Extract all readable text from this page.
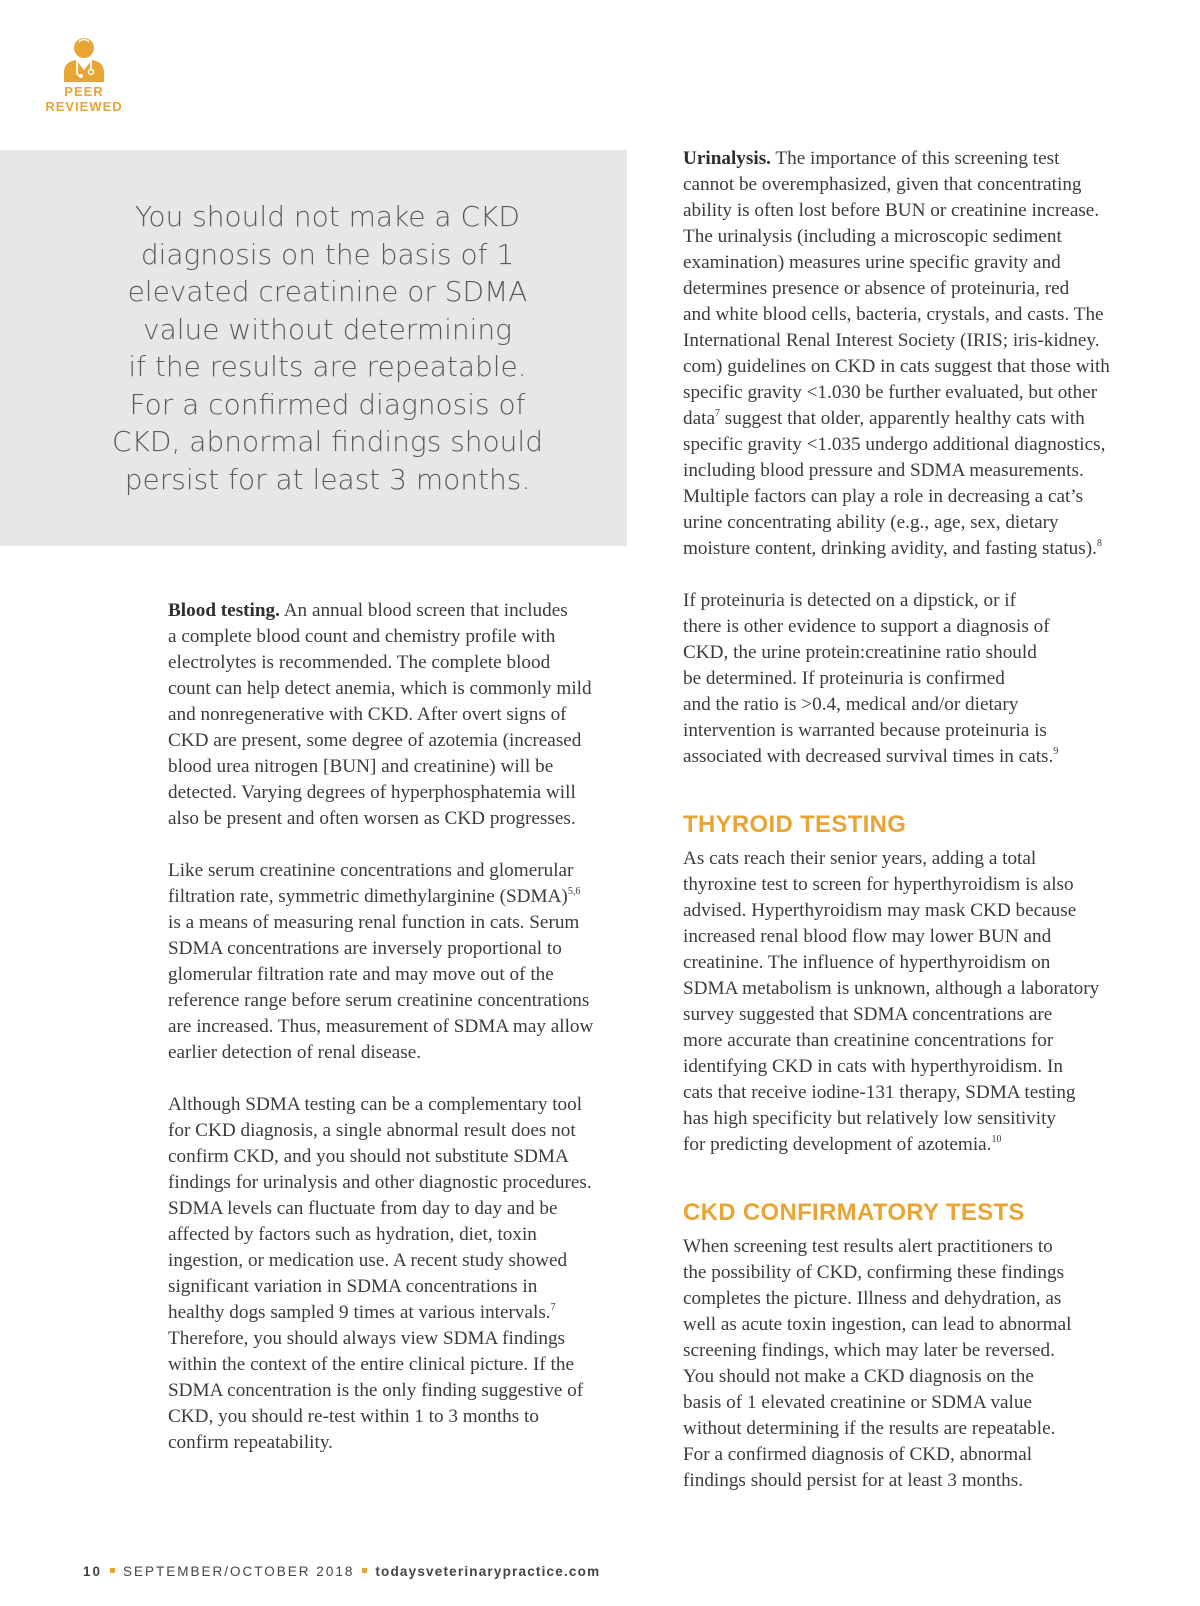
PEER
REVIEWED
You should not make a CKD
diagnosis on the basis of 1
elevated creatinine or SDMA
value without determining
if the results are repeatable.
For a confirmed diagnosis of
CKD, abnormal findings should
persist for at least 3 months.

Blood testing. An annual blood screen that includes
a complete blood count and chemistry profile with
electrolytes is recommended. The complete blood
count can help detect anemia, which is commonly mild
and nonregenerative with CKD. After overt signs of
CKD are present, some degree of azotemia (increased
blood urea nitrogen [BUN] and creatinine) will be
detected. Varying degrees of hyperphosphatemia will
also be present and often worsen as CKD progresses.

Like serum creatinine concentrations and glomerular
filtration rate, symmetric dimethylarginine (SDMA)$^{5,6}$
is a means of measuring renal function in cats. Serum
SDMA concentrations are inversely proportional to
glomerular filtration rate and may move out of the
reference range before serum creatinine concentrations
are increased. Thus, measurement of SDMA may allow
earlier detection of renal disease.

Although SDMA testing can be a complementary tool
for CKD diagnosis, a single abnormal result does not
confirm CKD, and you should not substitute SDMA
findings for urinalysis and other diagnostic procedures.
SDMA levels can fluctuate from day to day and be
affected by factors such as hydration, diet, toxin
ingestion, or medication use. A recent study showed
significant variation in SDMA concentrations in
healthy dogs sampled 9 times at various intervals.$^7$
Therefore, you should always view SDMA findings
within the context of the entire clinical picture. If the
SDMA concentration is the only finding suggestive of
CKD, you should re-test within 1 to 3 months to
confirm repeatability.

Urinalysis. The importance of this screening test
cannot be overemphasized, given that concentrating
ability is often lost before BUN or creatinine increase.
The urinalysis (including a microscopic sediment
examination) measures urine specific gravity and
determines presence or absence of proteinuria, red
and white blood cells, bacteria, crystals, and casts. The
International Renal Interest Society (IRIS; iris-kidney.
com) guidelines on CKD in cats suggest that those with
specific gravity <1.030 be further evaluated, but other
data$^7$ suggest that older, apparently healthy cats with
specific gravity <1.035 undergo additional diagnostics,
including blood pressure and SDMA measurements.
Multiple factors can play a role in decreasing a cat’s
urine concentrating ability (e.g., age, sex, dietary
moisture content, drinking avidity, and fasting status).$^8$

If proteinuria is detected on a dipstick, or if
there is other evidence to support a diagnosis of
CKD, the urine protein:creatinine ratio should
be determined. If proteinuria is confirmed
and the ratio is >0.4, medical and/or dietary
intervention is warranted because proteinuria is
associated with decreased survival times in cats.$^9$

THYROID TESTING

As cats reach their senior years, adding a total
thyroxine test to screen for hyperthyroidism is also
advised. Hyperthyroidism may mask CKD because
increased renal blood flow may lower BUN and
creatinine. The influence of hyperthyroidism on
SDMA metabolism is unknown, although a laboratory
survey suggested that SDMA concentrations are
more accurate than creatinine concentrations for
identifying CKD in cats with hyperthyroidism. In
cats that receive iodine-131 therapy, SDMA testing
has high specificity but relatively low sensitivity
for predicting development of azotemia.$^{10}$

CKD CONFIRMATORY TESTS

When screening test results alert practitioners to
the possibility of CKD, confirming these findings
completes the picture. Illness and dehydration, as
well as acute toxin ingestion, can lead to abnormal
screening findings, which may later be reversed.
You should not make a CKD diagnosis on the
basis of 1 elevated creatinine or SDMA value
without determining if the results are repeatable.
For a confirmed diagnosis of CKD, abnormal
findings should persist for at least 3 months.

10 SEPTEMBER/OCTOBER 2018 todaysveterinarypractice.com
